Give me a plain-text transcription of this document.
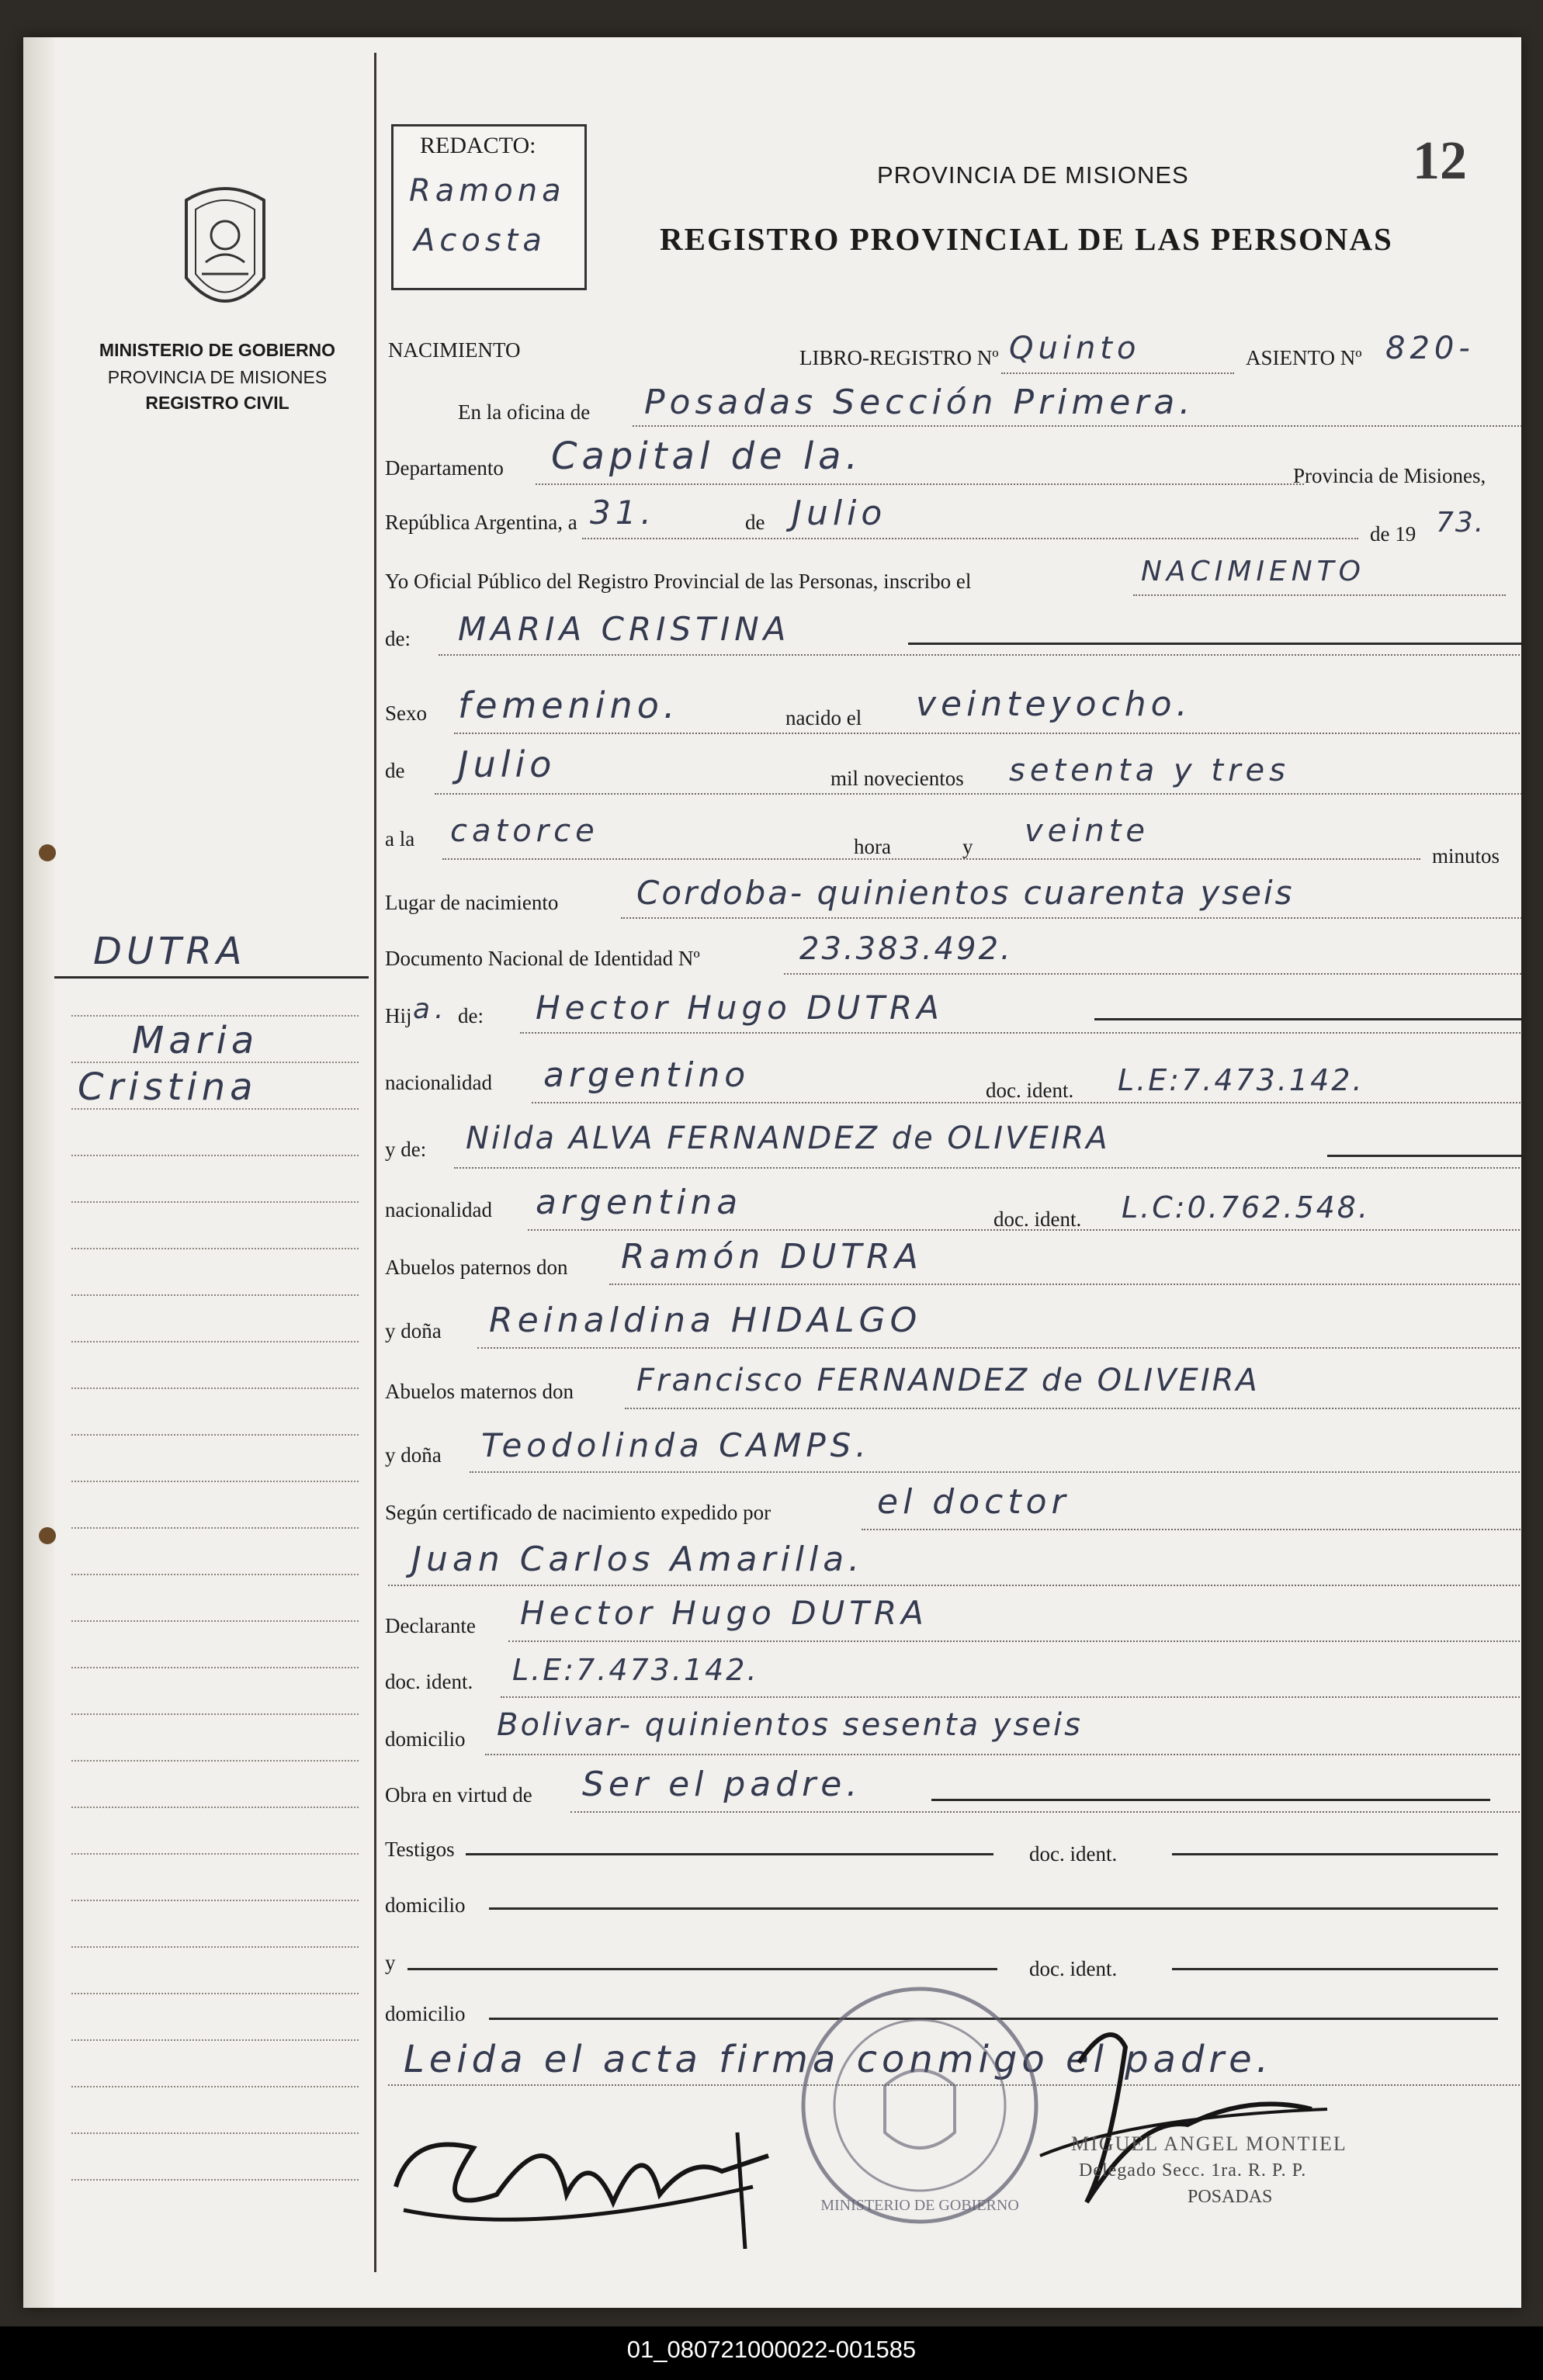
MINISTERIO DE GOBIERNO
PROVINCIA DE MISIONES
REGISTRO CIVIL
REDACTO:
Ramona
Acosta
PROVINCIA DE MISIONES
REGISTRO PROVINCIAL DE LAS PERSONAS
12
DUTRA
Maria
Cristina
NACIMIENTO	LIBRO-REGISTRO Nº Quinto	ASIENTO Nº 820-
En la oficina de Posadas Sección Primera.
Departamento Capital de la.	Provincia de Misiones,
República Argentina, a 31.	de Julio
de 19 73.
Yo Oficial Público del Registro Provincial de las Personas, inscribo el	NACIMIENTO
de: MARIA CRISTINA
Sexo femenino.	nacido el veinteyocho.
de Julio	mil novecientos setenta y tres
a la catorce	hora	y veinte
minutos
Lugar de nacimiento Cordoba- quinientos cuarenta yseis
Documento Nacional de Identidad Nº	23.383.492.
Hij a. de: Hector Hugo DUTRA
nacionalidad argentino	doc. ident. L.E:7.473.142.
y de: Nilda ALVA FERNANDEZ de OLIVEIRA
nacionalidad argentina	doc. ident. L.C:0.762.548.
Abuelos paternos don Ramón DUTRA
y doña Reinaldina HIDALGO
Abuelos maternos don Francisco FERNANDEZ de OLIVEIRA
y doña Teodolinda CAMPS.
Según certificado de nacimiento expedido por	el doctor
Juan Carlos Amarilla.
Declarante Hector Hugo DUTRA
doc. ident. L.E:7.473.142.
domicilio Bolivar- quinientos sesenta yseis
Obra en virtud de Ser el padre.
Testigos	doc. ident.
domicilio
y	doc. ident.
domicilio
Leida el acta firma conmigo el padre.
MINISTERIO DE GOBIERNO
MIGUEL ANGEL MONTIEL
Delegado Secc. 1ra. R. P. P.
POSADAS
01_080721000022-001585
